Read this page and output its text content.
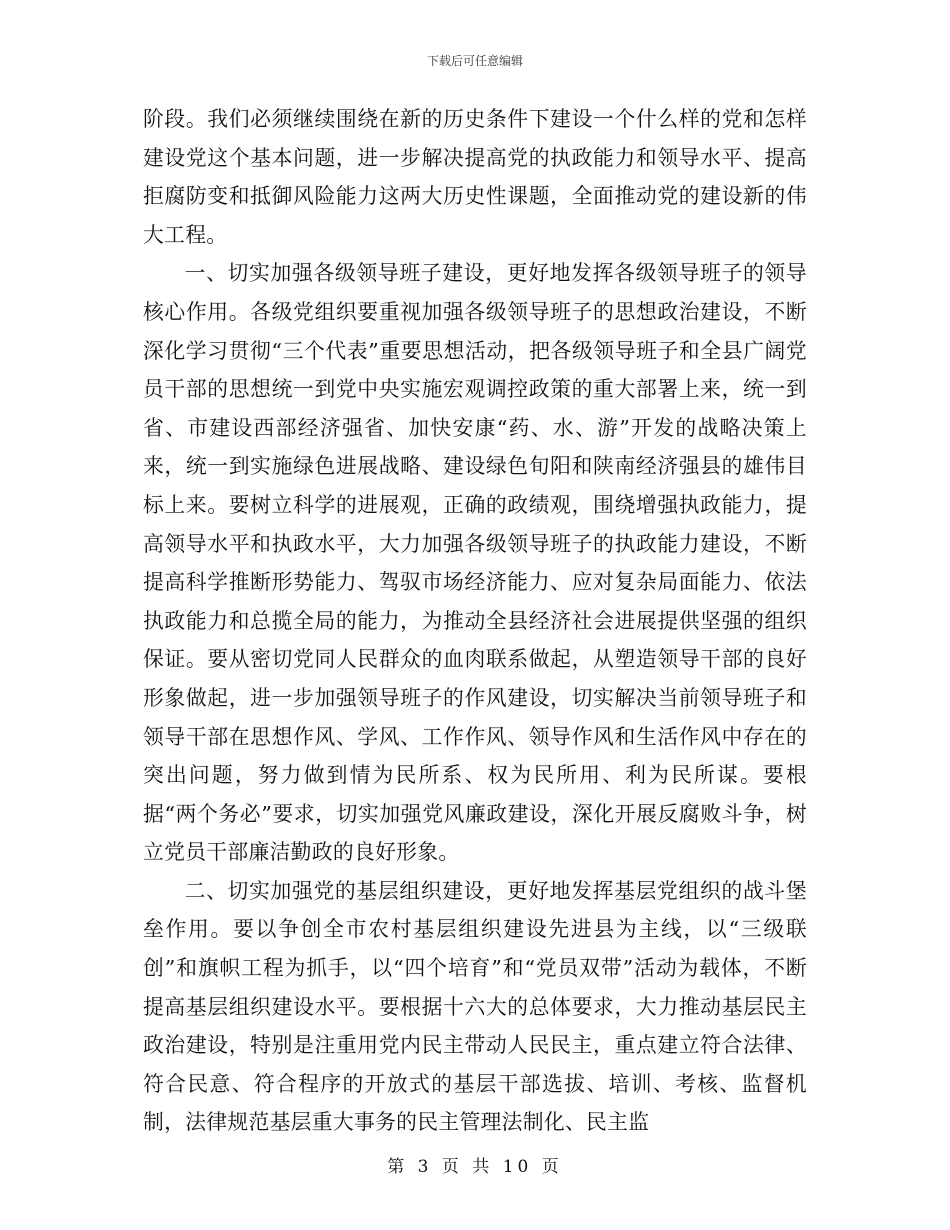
下载后可任意编辑

阶段。我们必须继续围绕在新的历史条件下建设一个什么样的党和怎样建设党这个基本问题，进一步解决提高党的执政能力和领导水平、提高拒腐防变和抵御风险能力这两大历史性课题，全面推动党的建设新的伟大工程。

一、切实加强各级领导班子建设，更好地发挥各级领导班子的领导核心作用。各级党组织要重视加强各级领导班子的思想政治建设，不断深化学习贯彻“三个代表”重要思想活动，把各级领导班子和全县广阔党员干部的思想统一到党中央实施宏观调控政策的重大部署上来，统一到省、市建设西部经济强省、加快安康“药、水、游”开发的战略决策上来，统一到实施绿色进展战略、建设绿色旬阳和陕南经济强县的雄伟目标上来。要树立科学的进展观，正确的政绩观，围绕增强执政能力，提高领导水平和执政水平，大力加强各级领导班子的执政能力建设，不断提高科学推断形势能力、驾驭市场经济能力、应对复杂局面能力、依法执政能力和总揽全局的能力，为推动全县经济社会进展提供坚强的组织保证。要从密切党同人民群众的血肉联系做起，从塑造领导干部的良好形象做起，进一步加强领导班子的作风建设，切实解决当前领导班子和领导干部在思想作风、学风、工作作风、领导作风和生活作风中存在的突出问题，努力做到情为民所系、权为民所用、利为民所谋。要根据“两个务必”要求，切实加强党风廉政建设，深化开展反腐败斗争，树立党员干部廉洁勤政的良好形象。

二、切实加强党的基层组织建设，更好地发挥基层党组织的战斗堡垒作用。要以争创全市农村基层组织建设先进县为主线，以“三级联创”和旗帜工程为抓手，以“四个培育”和“党员双带”活动为载体，不断提高基层组织建设水平。要根据十六大的总体要求，大力推动基层民主政治建设，特别是注重用党内民主带动人民民主，重点建立符合法律、符合民意、符合程序的开放式的基层干部选拔、培训、考核、监督机制，法律规范基层重大事务的民主管理法制化、民主监

第 3 页 共 10 页
